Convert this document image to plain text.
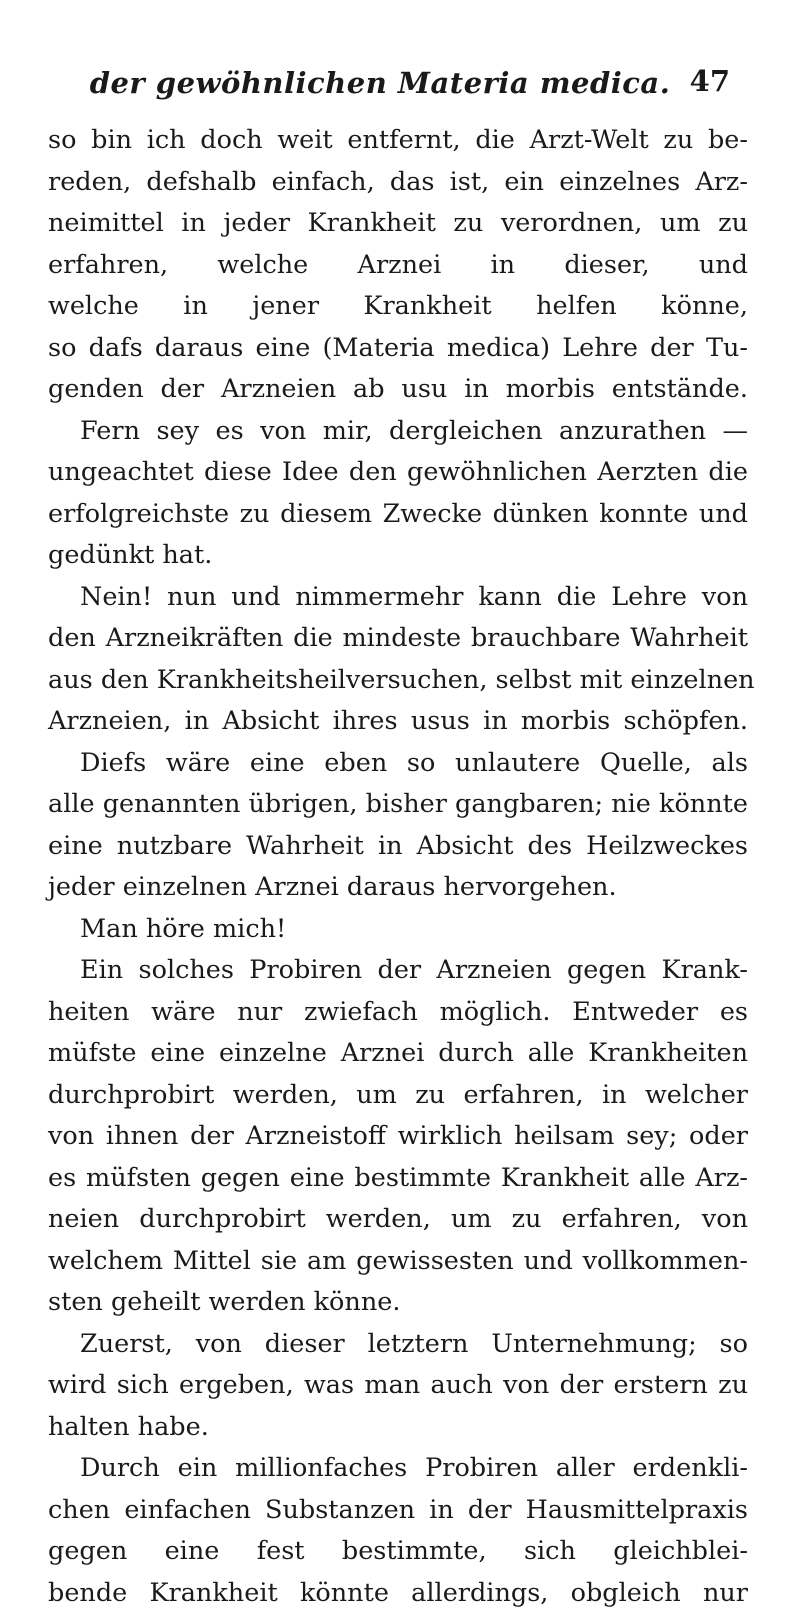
der gewöhnlichen Materia medica. 47
so bin ich doch weit entfernt, die Arzt-Welt zu be-
reden, defshalb einfach, das ist, ein einzelnes Arz-
neimittel in jeder Krankheit zu verordnen, um zu
erfahren, welche Arznei in dieser, und
welche in jener Krankheit helfen könne,
so dafs daraus eine (Materia medica) Lehre der Tu-
genden der Arzneien ab usu in morbis entstände.
Fern sey es von mir, dergleichen anzurathen —
ungeachtet diese Idee den gewöhnlichen Aerzten die
erfolgreichste zu diesem Zwecke dünken konnte und
gedünkt hat.
Nein! nun und nimmermehr kann die Lehre von
den Arzneikräften die mindeste brauchbare Wahrheit
aus den Krankheitsheilversuchen, selbst mit einzelnen
Arzneien, in Absicht ihres usus in morbis schöpfen.
Diefs wäre eine eben so unlautere Quelle, als
alle genannten übrigen, bisher gangbaren; nie könnte
eine nutzbare Wahrheit in Absicht des Heilzweckes
jeder einzelnen Arznei daraus hervorgehen.
Man höre mich!
Ein solches Probiren der Arzneien gegen Krank-
heiten wäre nur zwiefach möglich. Entweder es
müfste eine einzelne Arznei durch alle Krankheiten
durchprobirt werden, um zu erfahren, in welcher
von ihnen der Arzneistoff wirklich heilsam sey; oder
es müfsten gegen eine bestimmte Krankheit alle Arz-
neien durchprobirt werden, um zu erfahren, von
welchem Mittel sie am gewissesten und vollkommen-
sten geheilt werden könne.
Zuerst, von dieser letztern Unternehmung; so
wird sich ergeben, was man auch von der erstern zu
halten habe.
Durch ein millionfaches Probiren aller erdenkli-
chen einfachen Substanzen in der Hausmittelpraxis
gegen eine fest bestimmte, sich gleichblei-
bende Krankheit könnte allerdings, obgleich nur
